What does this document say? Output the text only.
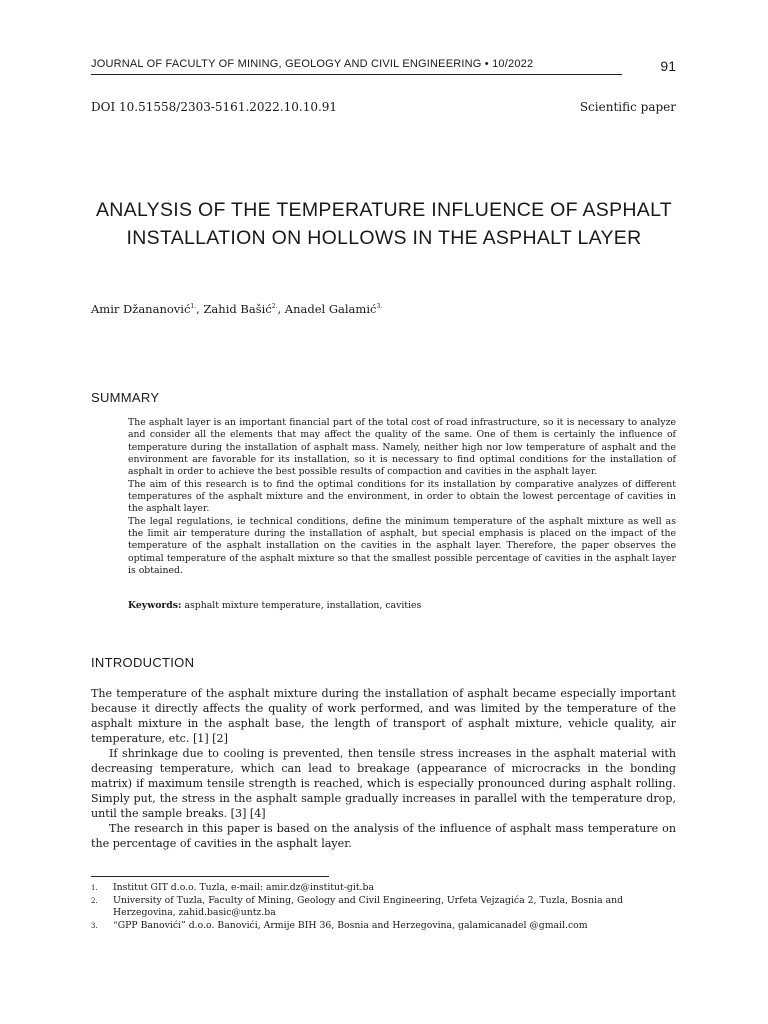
JOURNAL OF FACULTY OF MINING, GEOLOGY AND CIVIL ENGINEERING • 10/2022	91
DOI 10.51558/2303-5161.2022.10.10.91	Scientific paper
ANALYSIS OF THE TEMPERATURE INFLUENCE OF ASPHALT
INSTALLATION ON HOLLOWS IN THE ASPHALT LAYER
Amir Džananović$^{1.}$, Zahid Bašić$^{2.}$, Anadel Galamić$^{3.}$
SUMMARY

The asphalt layer is an important financial part of the total cost of road infrastructure, so it is necessary to analyze and consider all the elements that may affect the quality of the same. One of them is certainly the influence of temperature during the installation of asphalt mass. Namely, neither high nor low temperature of asphalt and the environment are favorable for its installation, so it is necessary to find optimal conditions for the installation of asphalt in order to achieve the best possible results of compaction and cavities in the asphalt layer.

The aim of this research is to find the optimal conditions for its installation by comparative analyzes of different temperatures of the asphalt mixture and the environment, in order to obtain the lowest percentage of cavities in the asphalt layer.

The legal regulations, ie technical conditions, define the minimum temperature of the asphalt mixture as well as the limit air temperature during the installation of asphalt, but special emphasis is placed on the impact of the temperature of the asphalt installation on the cavities in the asphalt layer. Therefore, the paper observes the optimal temperature of the asphalt mixture so that the smallest possible percentage of cavities in the asphalt layer is obtained.

Keywords: asphalt mixture temperature, installation, cavities
INTRODUCTION

The temperature of the asphalt mixture during the installation of asphalt became especially important because it directly affects the quality of work performed, and was limited by the temperature of the asphalt mixture in the asphalt base, the length of transport of asphalt mixture, vehicle quality, air temperature, etc. [1] [2]

If shrinkage due to cooling is prevented, then tensile stress increases in the asphalt material with decreasing temperature, which can lead to breakage (appearance of microcracks in the bonding matrix) if maximum tensile strength is reached, which is especially pronounced during asphalt rolling. Simply put, the stress in the asphalt sample gradually increases in parallel with the temperature drop, until the sample breaks. [3] [4]

The research in this paper is based on the analysis of the influence of asphalt mass temperature on the percentage of cavities in the asphalt layer.

1.	Institut GIT d.o.o. Tuzla, e-mail: amir.dz@institut-git.ba
2.	University of Tuzla, Faculty of Mining, Geology and Civil Engineering, Urfeta Vejzagića 2, Tuzla, Bosnia and Herzegovina, zahid.basic@untz.ba
3.	“GPP Banovići” d.o.o. Banovići, Armije BIH 36, Bosnia and Herzegovina, galamicanadel @gmail.com
